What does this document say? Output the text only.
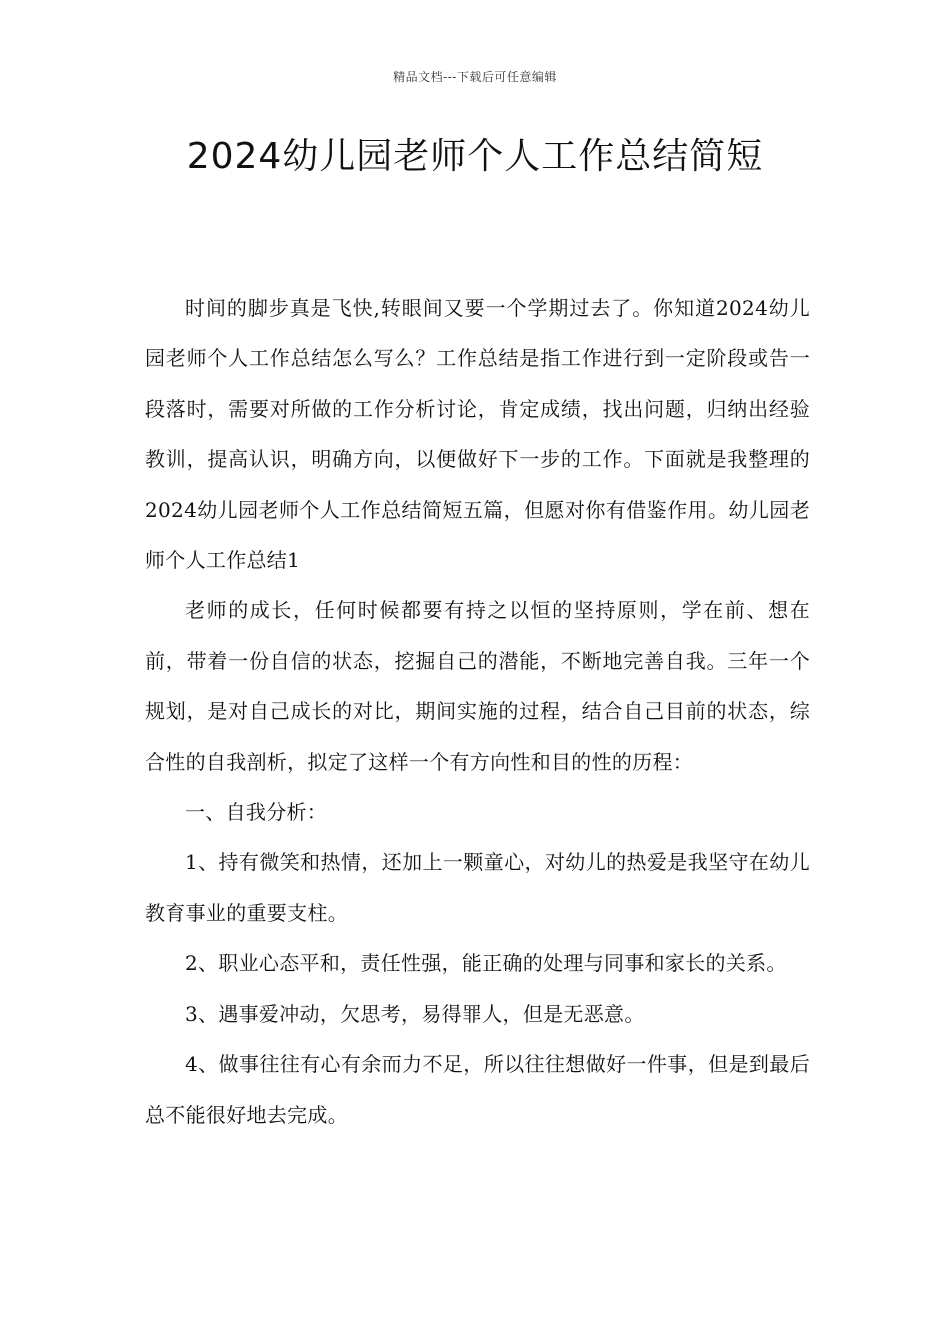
精品文档---下载后可任意编辑
2024幼儿园老师个人工作总结简短

时间的脚步真是飞快,转眼间又要一个学期过去了。你知道2024幼儿园老师个人工作总结怎么写么？工作总结是指工作进行到一定阶段或告一段落时，需要对所做的工作分析讨论，肯定成绩，找出问题，归纳出经验教训，提高认识，明确方向，以便做好下一步的工作。下面就是我整理的2024幼儿园老师个人工作总结简短五篇，但愿对你有借鉴作用。幼儿园老师个人工作总结1

老师的成长，任何时候都要有持之以恒的坚持原则，学在前、想在前，带着一份自信的状态，挖掘自己的潜能，不断地完善自我。三年一个规划，是对自己成长的对比，期间实施的过程，结合自己目前的状态，综合性的自我剖析，拟定了这样一个有方向性和目的性的历程：

一、自我分析：

1、持有微笑和热情，还加上一颗童心，对幼儿的热爱是我坚守在幼儿教育事业的重要支柱。

2、职业心态平和，责任性强，能正确的处理与同事和家长的关系。

3、遇事爱冲动，欠思考，易得罪人，但是无恶意。

4、做事往往有心有余而力不足，所以往往想做好一件事，但是到最后总不能很好地去完成。
